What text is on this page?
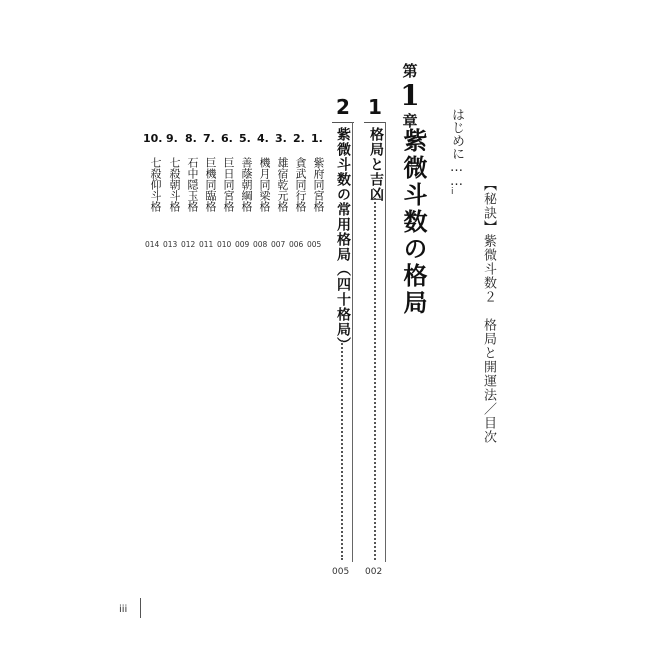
【秘訣】紫微斗数２　格局と開運法／目次
はじめに……
i
第
1
章
紫微斗数の格局
1
格局と吉凶
002
2
紫微斗数の常用格局︵四十格局︶
005
1.
紫府同宮格
005
2.
貪武同行格
006
3.
雄宿乾元格
007
4.
機月同梁格
008
5.
善蔭朝綱格
009
6.
巨日同宮格
010
7.
巨機同臨格
011
8.
石中隠玉格
012
9.
七殺朝斗格
013
10.
七殺仰斗格
014
iii
